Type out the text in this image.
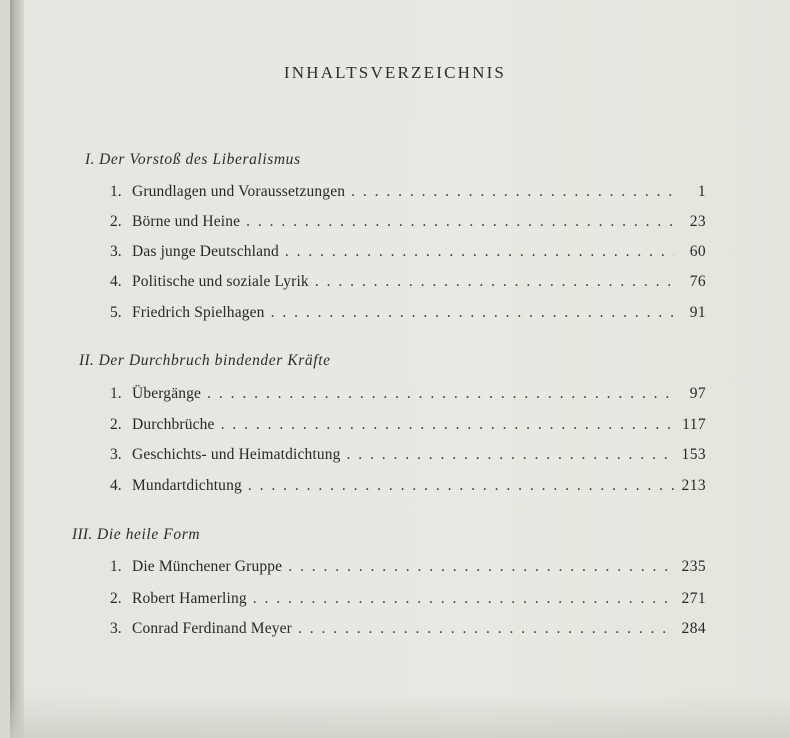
INHALTSVERZEICHNIS
I. Der Vorstoß des Liberalismus
1. Grundlagen und Voraussetzungen . . .	1
2. Börne und Heine . . .	23
3. Das junge Deutschland . . .	60
4. Politische und soziale Lyrik . . .	76
5. Friedrich Spielhagen . . .	91
II. Der Durchbruch bindender Kräfte
1. Übergänge . . .	97
2. Durchbrüche . . .	117
3. Geschichts- und Heimatdichtung . . .	153
4. Mundartdichtung . . .	213
III. Die heile Form
1. Die Münchener Gruppe . . .	235
2. Robert Hamerling . . .	271
3. Conrad Ferdinand Meyer . . .	284
